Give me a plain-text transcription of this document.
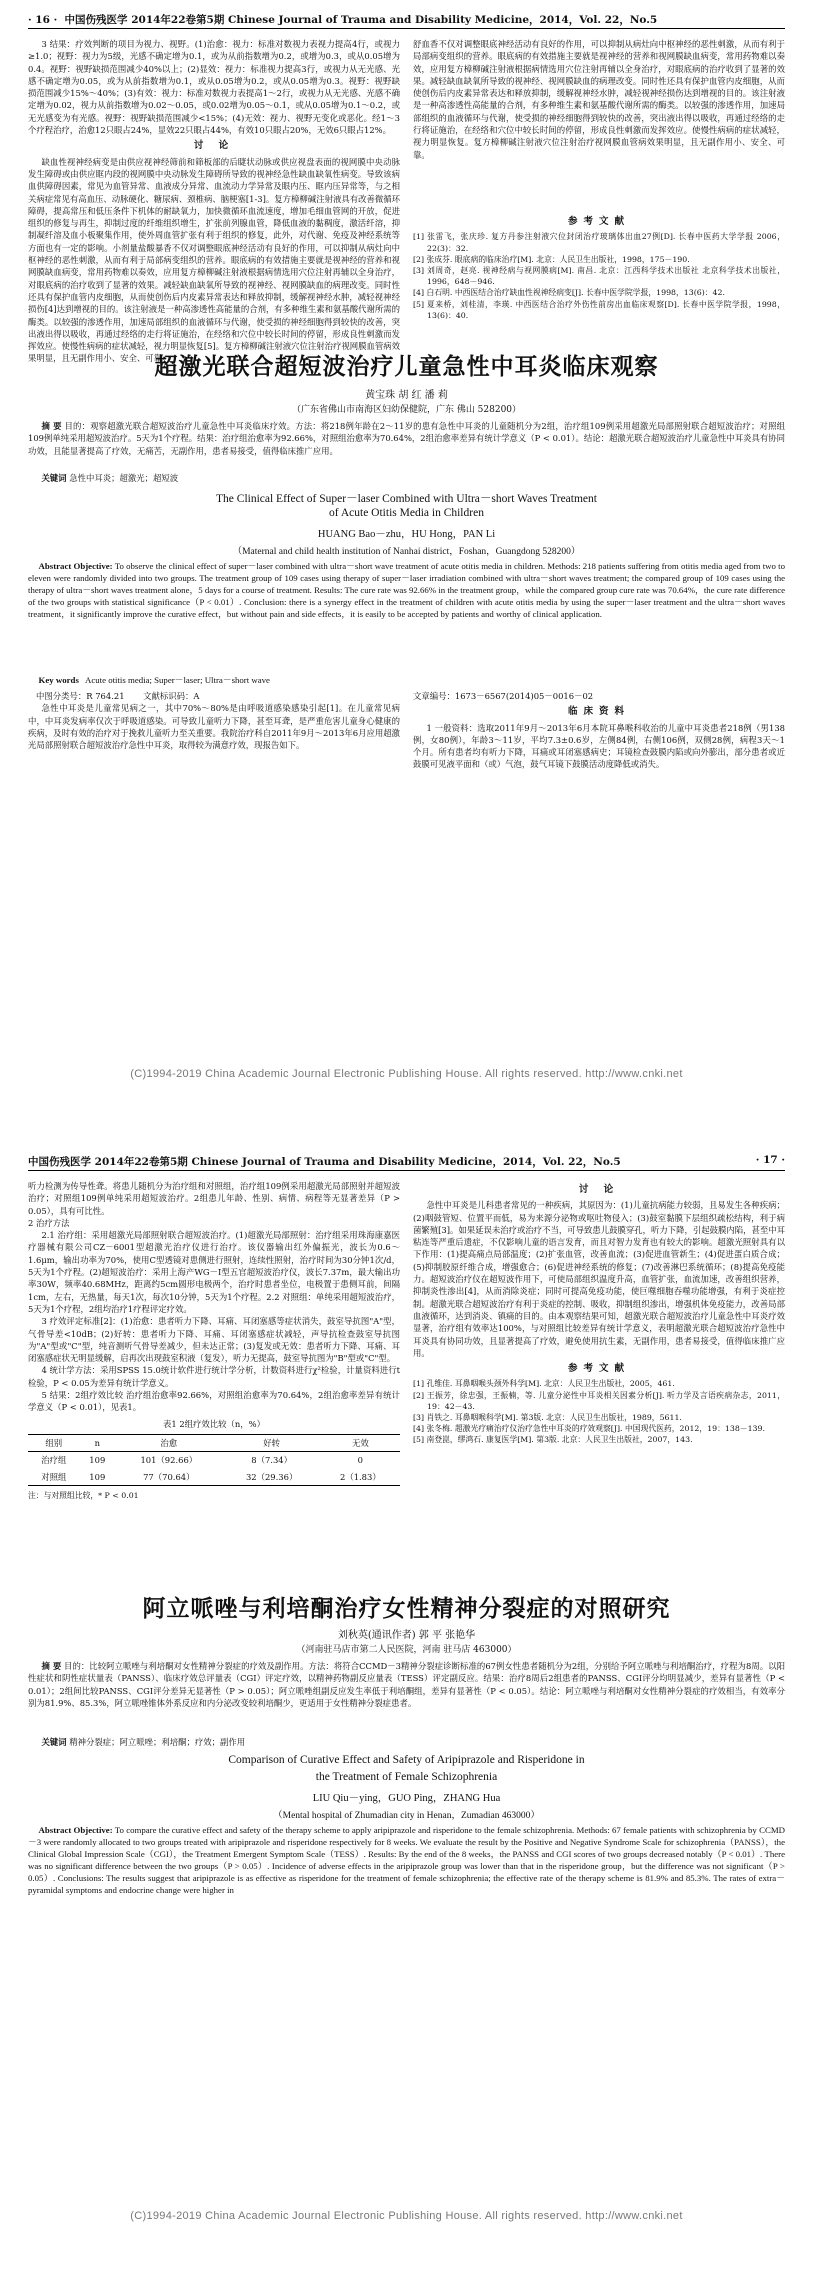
· 16 · 中国伤残医学 2014年22卷第5期 Chinese Journal of Trauma and Disability Medicine，2014，Vol. 22，No.5

3 结果：疗效判断的项目为视力、视野。(1)治愈：视力：标准对数视力表视力提高4行，或视力≥1.0；视野：视力为5级，光感不确定增为0.1，或为从前指数增为0.2，或增为0.3，或从0.05增为0.4。视野：视野缺损范围减少40%以上；(2)显效：视力：标准视力提高3行，或视力从无光感、光感不确定增为0.05，或为从前指数增为0.1，或从0.05增为0.2，或从0.05增为0.3。视野：视野缺损范围减少15%～40%；(3)有效：视力：标准对数视力表提高1～2行，或视力从无光感、光感不确定增为0.02，视力从前指数增为0.02～0.05，或0.02增为0.05～0.1，或从0.05增为0.1～0.2，或无光感变为有光感。视野：视野缺损范围减少<15%；(4)无效：视力、视野无变化或恶化。经1～3个疗程治疗，治愈12只眼占24%，显效22只眼占44%，有效10只眼占20%，无效6只眼占12%。

讨 论

缺血性视神经病变是由供应视神经筛前和筛板部的后睫状动脉或供应视盘表面的视网膜中央动脉发生障碍或由供应眶内段的视网膜中央动脉发生障碍所导致的视神经急性缺血缺氧性病变。导致该病血供障碍因素，常见为血管异常、血液成分异常、血流动力学异常及眼内压、眶内压异常等，与之相关病症常见有高血压、动脉硬化、糖尿病、颈椎病、脑梗塞[1-3]。复方樟柳碱注射液具有改善微循环障碍，提高常压和低压条件下机体的耐缺氧力，加快微循环血流速度，增加毛细血管网的开放，促进组织的修复与再生，抑制过度的纤维组织增生，扩张前列腺血管，降低血液的黏稠度，激活纤溶，抑制凝纤溶及血小板聚集作用，使外周血管扩张有利于组织的修复，此外，对代谢、免疫及神经系统等方面也有一定的影响。小剂量盐酸暴香不仅对调整眼底神经活动有良好的作用，可以抑制从病灶向中枢神经的恶性刺激，从而有利于局部病变组织的营养。眼底病的有效措施主要就是视神经的营养和视网膜缺血病变，常用药物难以奏效，应用复方樟柳碱注射液根据病情选用穴位注射再辅以全身治疗，对眼底病的治疗收到了显著的效果。减轻缺血缺氧所导致的视神经、视网膜缺血的病理改变。同时性还具有保护血管内皮细胞，从而使创伤后内皮素异常表达和释放抑制，缓解视神经水肿，减轻视神经损伤[4]达到增视的目的。该注射液是一种高渗透性高能量的合剂，有多种维生素和氨基酸代谢所需的酶类。以较强的渗透作用，加速局部组织的血液循环与代谢，使受损的神经细胞得到较快的改善，突出液出得以吸收，再通过经络的走行将证施治，在经络和穴位中较长时间的停留，形成良性刺激而发挥效应。使慢性病病的症状减轻，视力明显恢复[5]。复方樟柳碱注射液穴位注射治疗视网膜血管病效果明显，且无副作用小、安全、可靠。

舒血香不仅对调整眼底神经活动有良好的作用，可以抑制从病灶向中枢神经的恶性刺激，从而有利于局部病变组织的营养。眼底病的有效措施主要就是视神经的营养和视网膜缺血病变，常用药物难以奏效，应用复方樟柳碱注射液根据病情选用穴位注射再辅以全身治疗，对眼底病的治疗收到了显著的效果。减轻缺血缺氧所导致的视神经、视网膜缺血的病理改变。同时性还具有保护血管内皮细胞，从而使创伤后内皮素异常表达和释放抑制，缓解视神经水肿，减轻视神经损伤达到增视的目的。该注射液是一种高渗透性高能量的合剂，有多种维生素和氨基酸代谢所需的酶类。以较强的渗透作用，加速局部组织的血液循环与代谢，使受损的神经细胞得到较快的改善，突出液出得以吸收，再通过经络的走行将证施治，在经络和穴位中较长时间的停留，形成良性刺激而发挥效应。使慢性病病的症状减轻，视力明显恢复。复方樟柳碱注射液穴位注射治疗视网膜血管病效果明显，且无副作用小、安全、可靠。

参考文献

[1] 张雷飞，张庆珍. 复方丹参注射液穴位封闭治疗玻璃体出血27例[D]. 长春中医药大学学报 2006，22(3)：32.

[2] 张成芬. 眼底病的临床治疗[M]. 北京：人民卫生出版社，1998，175－190.

[3] 刘周奇，赵亮. 视神经病与视网膜病[M]. 南昌. 北京：江西科学技术出版社 北京科学技术出版社，1996，648－946.

[4] 白石明. 中西医结合治疗缺血性视神经病变[J]. 长春中医学院学报，1998，13(6)：42.

[5] 夏来桥，刘桂清，李瑛. 中西医结合治疗外伤性前房出血临床观察[D]. 长春中医学院学报，1998，13(6)：40.

超激光联合超短波治疗儿童急性中耳炎临床观察
黄宝珠 胡 红 潘 莉
（广东省佛山市南海区妇幼保健院，广东 佛山 528200）

摘 要 目的：观察超激光联合超短波治疗儿童急性中耳炎临床疗效。方法：将218例年龄在2～11岁的患有急性中耳炎的儿童随机分为2组，治疗组109例采用超激光局部照射联合超短波治疗；对照组109例单纯采用超短波治疗。5天为1个疗程。结果：治疗组治愈率为92.66%，对照组治愈率为70.64%，2组治愈率差异有统计学意义（P < 0.01）。结论：超激光联合超短波治疗儿童急性中耳炎具有协同功效，且能显著提高了疗效，无痛苦，无副作用，患者易接受，值得临床推广应用。

关键词 急性中耳炎；超激光；超短波

The Clinical Effect of Super－laser Combined with Ultra－short Waves Treatment
of Acute Otitis Media in Children
HUANG Bao－zhu，HU Hong，PAN Li
（Maternal and child health institution of Nanhai district，Foshan，Guangdong 528200）

Abstract Objective: To observe the clinical effect of super－laser combined with ultra－short wave treatment of acute otitis media in children. Methods: 218 patients suffering from otitis media aged from two to eleven were randomly divided into two groups. The treatment group of 109 cases using therapy of super－laser irradiation combined with ultra－short waves treatment; the compared group of 109 cases using the therapy of ultra－short waves treatment alone，5 days for a course of treatment. Results: The cure rate was 92.66% in the treatment group，while the compared group cure rate was 70.64%，the cure rate difference of the two groups with statistical significance（P < 0.01）. Conclusion: there is a synergy effect in the treatment of children with acute otitis media by using the super－laser treatment and the ultra－short waves treatment，it significantly improve the curative effect，but without pain and side effects，it is easily to be accepted by patients and worthy of clinical application.

Key words Acute otitis media; Super－laser; Ultra－short wave

中图分类号：R 764.21 文献标识码：A

急性中耳炎是儿童常见病之一，其中70%～80%是由呼吸道感染感染引起[1]。在儿童常见病中，中耳炎发病率仅次于呼吸道感染。可导致儿童听力下降，甚至耳聋，是严重危害儿童身心健康的疾病，及时有效的治疗对于挽救儿童听力至关重要。我院治疗科自2011年9月～2013年6月应用超激光局部照射联合超短波治疗急性中耳炎，取得较为满意疗效，现报告如下。

文章编号：1673－6567(2014)05－0016－02

临床资料

1 一般资料：选取2011年9月～2013年6月本院耳鼻喉科收治的儿童中耳炎患者218例（男138例，女80例），年龄3～11岁，平均7.3±0.6岁，左侧84例，右侧106例，双侧28例，病程3天～1个月。所有患者均有听力下降，耳痛或耳闭塞感病史；耳镜检查鼓膜内陷或向外膨出，部分患者或近鼓膜可见液平面和（或）气泡，鼓气耳镜下鼓膜活动度降低或消失。

(C)1994-2019 China Academic Journal Electronic Publishing House. All rights reserved. http://www.cnki.net
中国伤残医学 2014年22卷第5期 Chinese Journal of Trauma and Disability Medicine，2014，Vol. 22，No.5	· 17 ·

听力检测为传导性聋。将患儿随机分为治疗组和对照组，治疗组109例采用超激光局部照射并超短波治疗；对照组109例单纯采用超短波治疗。2组患儿年龄、性别、病情、病程等无显著差异（P > 0.05），具有可比性。

2 治疗方法

2.1 治疗组：采用超激光局部照射联合超短波治疗。(1)超激光局部照射：治疗组采用珠海康嘉医疗器械有限公司CZ－6001型超激光治疗仪进行治疗。该仪器输出红外偏振光，波长为0.6～1.6μm，输出功率为70%，使用C型透镜对患侧进行照射，连续性照射，治疗时间为30分钟1次/d，5天为1个疗程。(2)超短波治疗：采用上海产WG－I型五官超短波治疗仪，波长7.37m，最大输出功率30W，频率40.68MHz，距离约5cm圆形电极两个，治疗时患者坐位，电极置于患侧耳前，间隔1cm，左右，无热量，每天1次，每次10分钟，5天为1个疗程。2.2 对照组：单纯采用超短波治疗，5天为1个疗程，2组均治疗1疗程评定疗效。

3 疗效评定标准[2]：(1)治愈：患者听力下降、耳痛、耳闭塞感等症状消失，鼓室导抗图"A"型，气骨导差<10dB；(2)好转：患者听力下降、耳痛、耳闭塞感症状减轻，声导抗检查鼓室导抗图为"A"型或"C"型，纯音测听气骨导差减少，但未达正常；(3)复发或无效：患者听力下降、耳痛、耳闭塞感症状无明显缓解，启再次出现鼓室积液（复发），听力无提高，鼓室导抗图为"B"型或"C"型。

4 统计学方法：采用SPSS 15.0统计软件进行统计学分析，计数资料进行χ²检验，计量资料进行t检验，P < 0.05为差异有统计学意义。

5 结果：2组疗效比较 治疗组治愈率92.66%，对照组治愈率为70.64%，2组治愈率差异有统计学意义（P < 0.01），见表1。

表1 2组疗效比较（n，%）
组别	n	治愈	好转	无效
治疗组	109	101（92.66）	8（7.34）	0
对照组	109	77（70.64）	32（29.36）	2（1.83）
注：与对照组比较，* P < 0.01
讨 论

急性中耳炎是儿科患者常见的一种疾病，其原因为：(1)儿童抗病能力较弱，且易发生各种疾病；(2)咽鼓管短、位置平而低，易为来源分泌物或呕吐物侵入；(3)鼓室黏膜下层组织疏松结构，利于病菌繁殖[3]。如果延误未治疗或治疗不当，可导致患儿鼓膜穿孔，听力下降，引起鼓膜内陷，甚至中耳粘连等严重后遗症，不仅影响儿童的语言发育，而且对智力发育也有较大的影响。超激光照射具有以下作用：(1)提高痛点局部温度；(2)扩张血管，改善血流；(3)促进血管新生；(4)促进蛋白质合成；(5)抑制胶原纤维合成，增强愈合；(6)促进神经系统的修复；(7)改善淋巴系统循环；(8)提高免疫能力。超短波治疗仪在超短波作用下，可使局部组织温度升高，血管扩张，血流加速，改善组织营养，抑制炎性渗出[4]，从而消除炎症；同时可提高免疫功能，使巨噬细胞吞噬功能增强，有利于炎症控制。超激光联合超短波治疗有利于炎症的控制、吸收，抑制组织渗出，增强机体免疫能力，改善局部血液循环，达到消炎、镇痛的目的。由本观察结果可知，超激光联合超短波治疗儿童急性中耳炎疗效显著，治疗组有效率达100%，与对照组比较差异有统计学意义，表明超激光联合超短波治疗急性中耳炎具有协同功效，且显著提高了疗效，避免使用抗生素，无副作用，患者易接受，值得临床推广应用。

参考文献

[1] 孔维佳. 耳鼻咽喉头颈外科学[M]. 北京：人民卫生出版社，2005，461.

[2] 王振芳，徐忠强，王振楠，等. 儿童分泌性中耳炎相关因素分析[J]. 听力学及言语疾病杂志，2011，19：42－43.

[3] 肖铁之. 耳鼻咽喉科学[M]. 第3版. 北京：人民卫生出版社，1989，5611.

[4] 张冬梅. 超激光疗痛治疗仪治疗急性中耳炎的疗效观察[J]. 中国现代医药，2012，19：138－139.

[5] 南登崑，缪鸿石. 康复医学[M]. 第3版. 北京：人民卫生出版社，2007，143.

阿立哌唑与利培酮治疗女性精神分裂症的对照研究
刘秋英(通讯作者) 郭 平 张艳华
（河南驻马店市第二人民医院，河南 驻马店 463000）

摘 要 目的：比较阿立哌唑与利培酮对女性精神分裂症的疗效及副作用。方法：将符合CCMD－3精神分裂症诊断标准的67例女性患者随机分为2组，分别给予阿立哌唑与利培酮治疗，疗程为8周。以阳性症状和阴性症状量表（PANSS）、临床疗效总评量表（CGI）评定疗效，以精神药物副反应量表（TESS）评定副反应。结果：治疗8周后2组患者的PANSS、CGI评分均明显减少，差异有显著性（P < 0.01）；2组间比较PANSS、CGI评分差异无显著性（P > 0.05）；阿立哌唑组副反应发生率低于利培酮组，差异有显著性（P < 0.05）。结论：阿立哌唑与利培酮对女性精神分裂症的疗效相当，有效率分别为81.9%、85.3%，阿立哌唑锥体外系反应和内分泌改变较利培酮少，更适用于女性精神分裂症患者。

关键词 精神分裂症；阿立哌唑；利培酮；疗效；副作用

Comparison of Curative Effect and Safety of Aripiprazole and Risperidone in
the Treatment of Female Schizophrenia
LIU Qiu－ying，GUO Ping，ZHANG Hua
（Mental hospital of Zhumadian city in Henan，Zumadian 463000）

Abstract Objective: To compare the curative effect and safety of the therapy scheme to apply aripiprazole and risperidone to the female schizophrenia. Methods: 67 female patients with schizophrenia by CCMD－3 were randomly allocated to two groups treated with aripiprazole and risperidone respectively for 8 weeks. We evaluate the result by the Positive and Negative Syndrome Scale for schizophrenia（PANSS），the Clinical Global Impression Scale（CGI），the Treatment Emergent Symptom Scale（TESS）. Results: By the end of the 8 weeks，the PANSS and CGI scores of two groups decreased notably（P < 0.01）. There was no significant difference between the two groups（P > 0.05）. Incidence of adverse effects in the aripiprazole group was lower than that in the risperidone group，but the difference was not significant（P > 0.05）. Conclusions: The results suggest that aripiprazole is as effective as risperidone for the treatment of female schizophrenia; the effective rate of the therapy scheme is 81.9% and 85.3%. The rates of extra－pyramidal symptoms and endocrine change were higher in

(C)1994-2019 China Academic Journal Electronic Publishing House. All rights reserved. http://www.cnki.net
